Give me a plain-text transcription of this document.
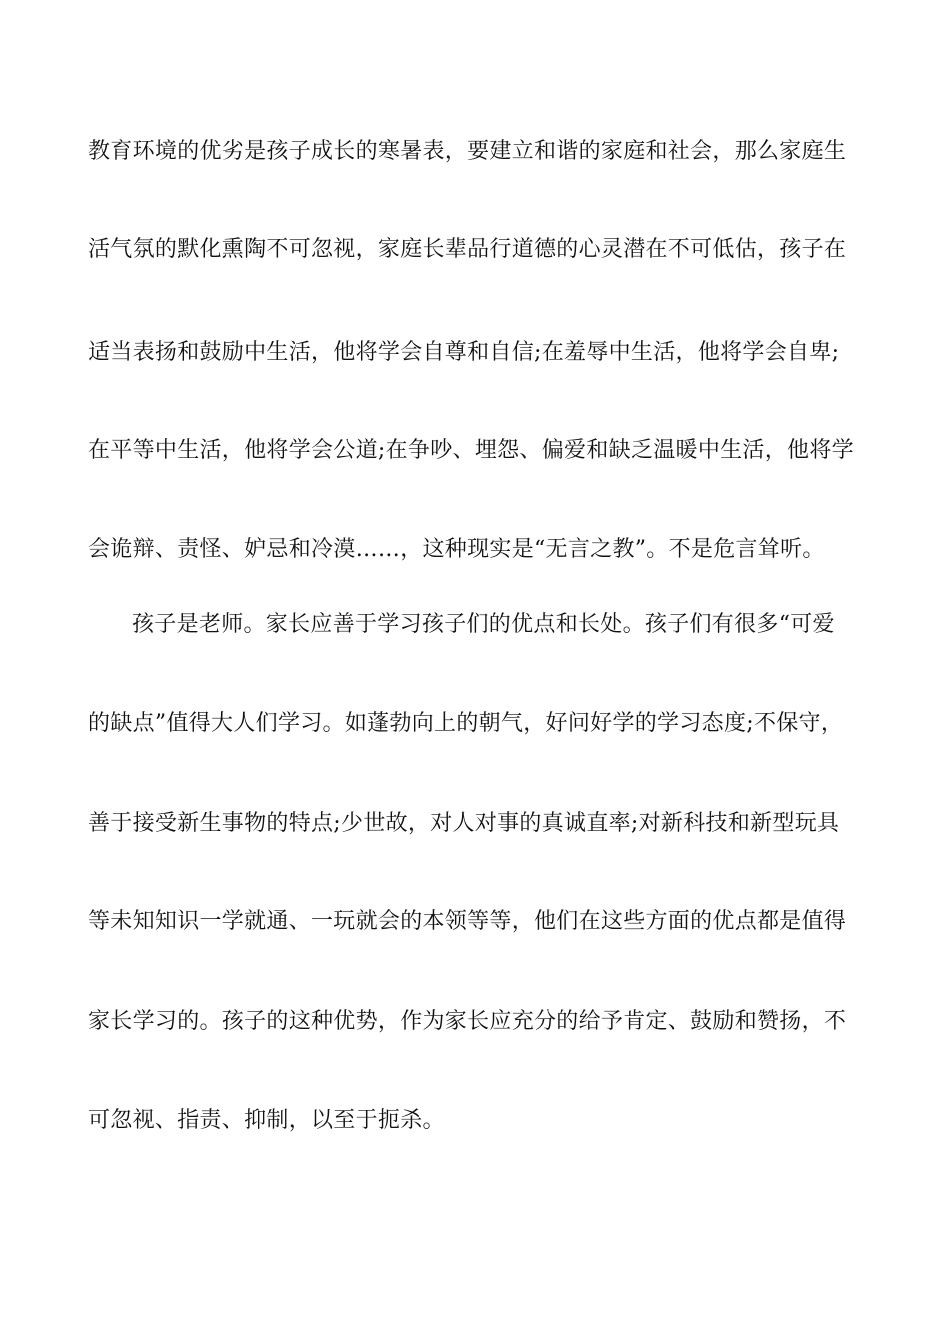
教育环境的优劣是孩子成长的寒暑表，要建立和谐的家庭和社会，那么家庭生
活气氛的默化熏陶不可忽视，家庭长辈品行道德的心灵潜在不可低估，孩子在
适当表扬和鼓励中生活，他将学会自尊和自信;在羞辱中生活，他将学会自卑;
在平等中生活，他将学会公道;在争吵、埋怨、偏爱和缺乏温暖中生活，他将学
会诡辩、责怪、妒忌和冷漠……，这种现实是“无言之教”。不是危言耸听。
孩子是老师。家长应善于学习孩子们的优点和长处。孩子们有很多“可爱
的缺点”值得大人们学习。如蓬勃向上的朝气，好问好学的学习态度;不保守，
善于接受新生事物的特点;少世故，对人对事的真诚直率;对新科技和新型玩具
等未知知识一学就通、一玩就会的本领等等，他们在这些方面的优点都是值得
家长学习的。孩子的这种优势，作为家长应充分的给予肯定、鼓励和赞扬，不
可忽视、指责、抑制，以至于扼杀。
